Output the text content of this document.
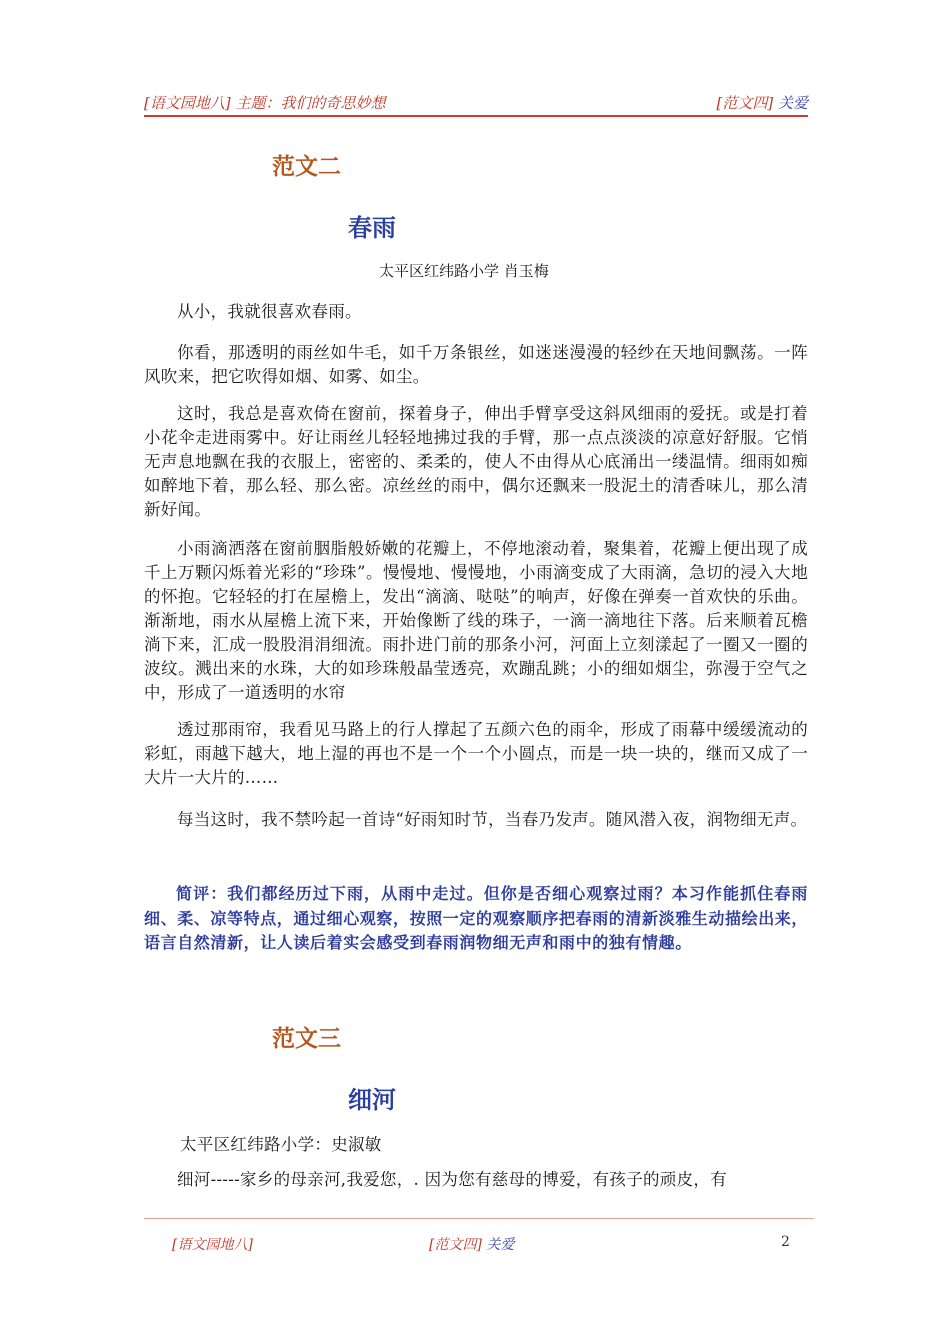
[语文园地八] 主题：我们的奇思妙想	[范文四] 关爱
范文二
春雨
太平区红纬路小学 肖玉梅
从小，我就很喜欢春雨。
你看，那透明的雨丝如牛毛，如千万条银丝，如迷迷漫漫的轻纱在天地间飘荡。一阵风吹来，把它吹得如烟、如雾、如尘。
这时，我总是喜欢倚在窗前，探着身子，伸出手臂享受这斜风细雨的爱抚。或是打着小花伞走进雨雾中。好让雨丝儿轻轻地拂过我的手臂，那一点点淡淡的凉意好舒服。它悄无声息地飘在我的衣服上，密密的、柔柔的，使人不由得从心底涌出一缕温情。细雨如痴如醉地下着，那么轻、那么密。凉丝丝的雨中，偶尔还飘来一股泥土的清香味儿，那么清新好闻。
小雨滴洒落在窗前胭脂般娇嫩的花瓣上，不停地滚动着，聚集着，花瓣上便出现了成千上万颗闪烁着光彩的“珍珠”。慢慢地、慢慢地，小雨滴变成了大雨滴，急切的浸入大地的怀抱。它轻轻的打在屋檐上，发出“滴滴、哒哒”的响声，好像在弹奏一首欢快的乐曲。渐渐地，雨水从屋檐上流下来，开始像断了线的珠子，一滴一滴地往下落。后来顺着瓦檐淌下来，汇成一股股涓涓细流。雨扑进门前的那条小河，河面上立刻漾起了一圈又一圈的波纹。溅出来的水珠，大的如珍珠般晶莹透亮，欢蹦乱跳；小的细如烟尘，弥漫于空气之中，形成了一道透明的水帘
透过那雨帘，我看见马路上的行人撑起了五颜六色的雨伞，形成了雨幕中缓缓流动的彩虹，雨越下越大，地上湿的再也不是一个一个小圆点，而是一块一块的，继而又成了一大片一大片的……
每当这时，我不禁吟起一首诗“好雨知时节，当春乃发声。随风潜入夜，润物细无声。
简评：我们都经历过下雨，从雨中走过。但你是否细心观察过雨？本习作能抓住春雨细、柔、凉等特点，通过细心观察，按照一定的观察顺序把春雨的清新淡雅生动描绘出来，语言自然清新，让人读后着实会感受到春雨润物细无声和雨中的独有情趣。
范文三
细河
太平区红纬路小学：史淑敏
细河-----家乡的母亲河,我爱您，. 因为您有慈母的博爱，有孩子的顽皮，有
[语文园地八]	[范文四] 关爱	2
